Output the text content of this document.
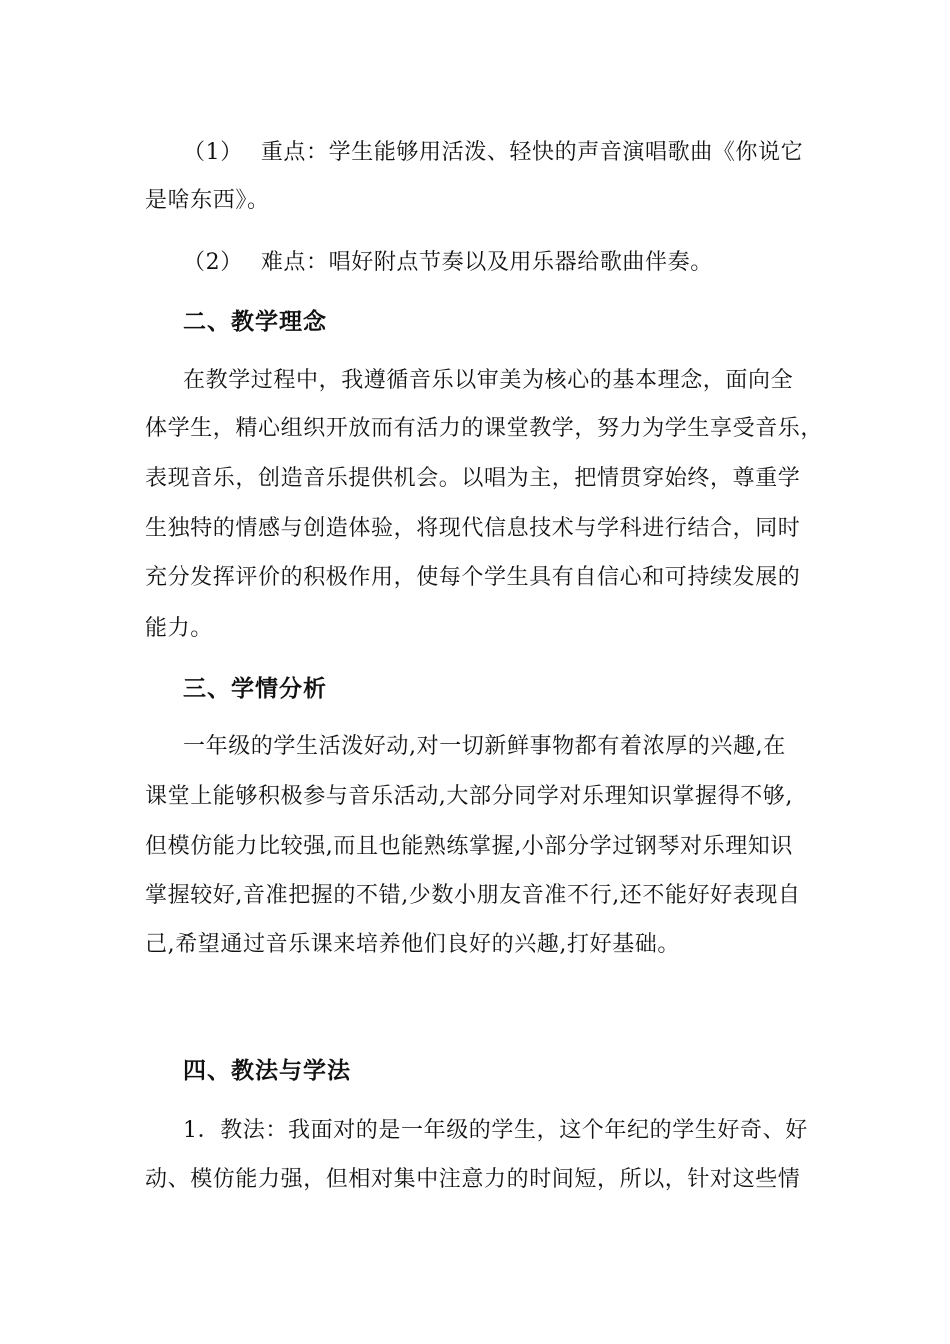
（1） 重点：学生能够用活泼、轻快的声音演唱歌曲《你说它
是啥东西》。
（2） 难点：唱好附点节奏以及用乐器给歌曲伴奏。
二、教学理念
在教学过程中，我遵循音乐以审美为核心的基本理念，面向全
体学生，精心组织开放而有活力的课堂教学，努力为学生享受音乐，
表现音乐，创造音乐提供机会。以唱为主，把情贯穿始终，尊重学
生独特的情感与创造体验，将现代信息技术与学科进行结合，同时
充分发挥评价的积极作用，使每个学生具有自信心和可持续发展的
能力。
三、学情分析
一年级的学生活泼好动,对一切新鲜事物都有着浓厚的兴趣,在
课堂上能够积极参与音乐活动,大部分同学对乐理知识掌握得不够,
但模仿能力比较强,而且也能熟练掌握,小部分学过钢琴对乐理知识
掌握较好,音准把握的不错,少数小朋友音准不行,还不能好好表现自
己,希望通过音乐课来培养他们良好的兴趣,打好基础。
四、教法与学法
1．教法：我面对的是一年级的学生，这个年纪的学生好奇、好
动、模仿能力强，但相对集中注意力的时间短，所以，针对这些情
